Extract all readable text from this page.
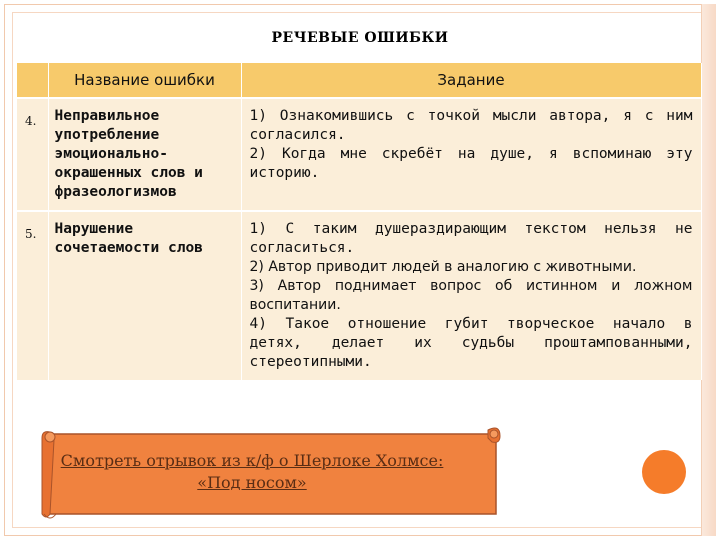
РЕЧЕВЫЕ ОШИБКИ
	Название ошибки	Задание
4.	Неправильное употребление эмоционально-окрашенных слов и фразеологизмов	1) Ознакомившись с точкой мысли автора, я с ним согласился.

2) Когда мне скребёт на душе, я вспоминаю эту историю.

5.	Нарушение сочетаемости слов	1) С таким душераздирающим текстом нельзя не согласиться.

2) Автор приводит людей в аналогию с животными.

3) Автор поднимает вопрос об истинном и ложном воспитании.

4) Такое отношение губит творческое начало в детях, делает их судьбы проштампованными, стереотипными.

Смотреть отрывок из к/ф о Шерлоке Холмсе: «Под носом»
